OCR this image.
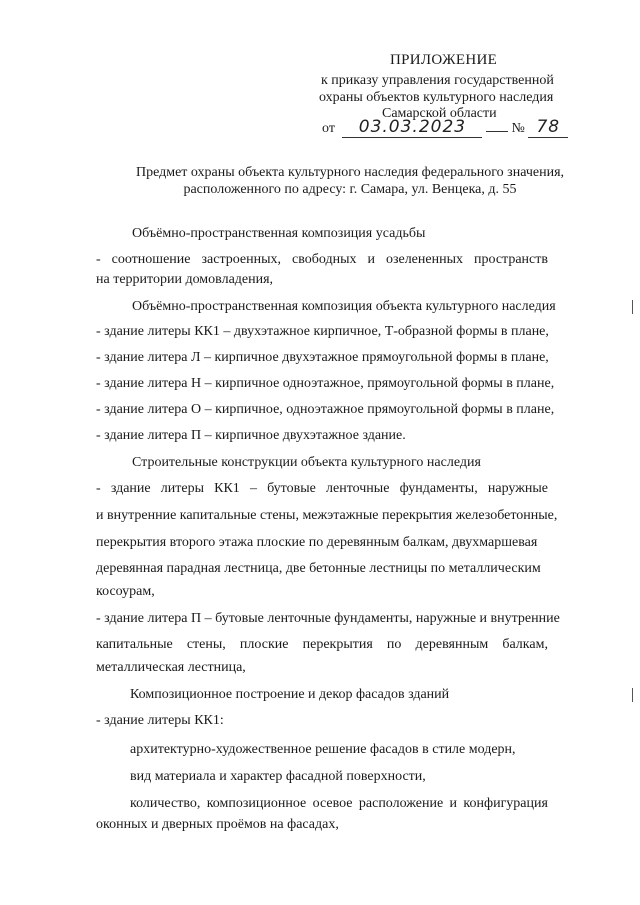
ПРИЛОЖЕНИЕ
к приказу управления государственной
охраны объектов культурного наследия
Самарской области
от 03.03.2023	№ 78
Предмет охраны объекта культурного наследия федерального значения,
расположенного по адресу: г. Самара, ул. Венцека, д. 55
Объёмно-пространственная композиция усадьбы
- соотношение застроенных, свободных и озелененных пространств
на территории домовладения,
Объёмно-пространственная композиция объекта культурного наследия
- здание литеры КК1 – двухэтажное кирпичное, Т-образной формы в плане,
- здание литера Л – кирпичное двухэтажное прямоугольной формы в плане,
- здание литера Н – кирпичное одноэтажное, прямоугольной формы в плане,
- здание литера О – кирпичное, одноэтажное прямоугольной формы в плане,
- здание литера П – кирпичное двухэтажное здание.
Строительные конструкции объекта культурного наследия
- здание литеры КК1 – бутовые ленточные фундаменты, наружные
и внутренние капитальные стены, межэтажные перекрытия железобетонные,
перекрытия второго этажа плоские по деревянным балкам, двухмаршевая
деревянная парадная лестница, две бетонные лестницы по металлическим
косоурам,
- здание литера П – бутовые ленточные фундаменты, наружные и внутренние
капитальные стены, плоские перекрытия по деревянным балкам,
металлическая лестница,
Композиционное построение и декор фасадов зданий
- здание литеры КК1:
архитектурно-художественное решение фасадов в стиле модерн,
вид материала и характер фасадной поверхности,
количество, композиционное осевое расположение и конфигурация
оконных и дверных проёмов на фасадах,
